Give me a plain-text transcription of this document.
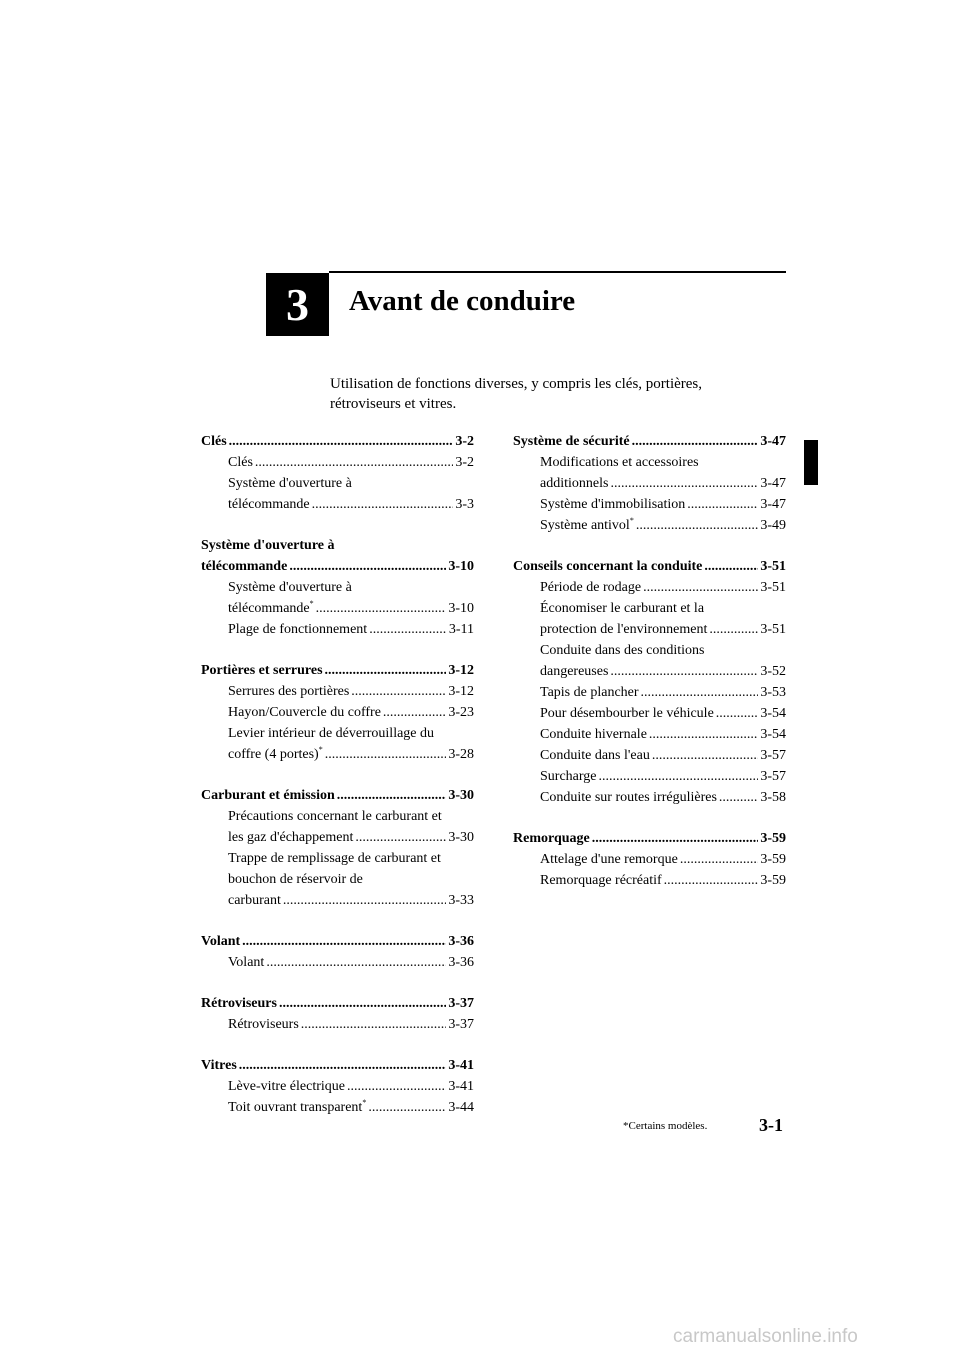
3	Avant de conduire
Utilisation de fonctions diverses, y compris les clés, portières, rétroviseurs et vitres.
Clés .....	3-2
Clés .....	3-2
Système d'ouverture à
télécommande .....	3-3
Système d'ouverture à
télécommande .....	3-10
Système d'ouverture à
télécommande* .....	3-10
Plage de fonctionnement .....	3-11
Portières et serrures .....	3-12
Serrures des portières .....	3-12
Hayon/Couvercle du coffre .....	3-23
Levier intérieur de déverrouillage du
coffre (4 portes)* .....	3-28
Carburant et émission .....	3-30
Précautions concernant le carburant et
les gaz d'échappement .....	3-30
Trappe de remplissage de carburant et
bouchon de réservoir de
carburant .....	3-33
Volant .....	3-36
Volant .....	3-36
Rétroviseurs .....	3-37
Rétroviseurs .....	3-37
Vitres .....	3-41
Lève-vitre électrique .....	3-41
Toit ouvrant transparent* .....	3-44
Système de sécurité .....	3-47
Modifications et accessoires
additionnels .....	3-47
Système d'immobilisation .....	3-47
Système antivol* .....	3-49
Conseils concernant la conduite .....	3-51
Période de rodage .....	3-51
Économiser le carburant et la
protection de l'environnement .....	3-51
Conduite dans des conditions
dangereuses .....	3-52
Tapis de plancher .....	3-53
Pour désembourber le véhicule .....	3-54
Conduite hivernale .....	3-54
Conduite dans l'eau .....	3-57
Surcharge .....	3-57
Conduite sur routes irrégulières .....	3-58
Remorquage .....	3-59
Attelage d'une remorque .....	3-59
Remorquage récréatif .....	3-59
*Certains modèles.	3-1
carmanualsonline.info
